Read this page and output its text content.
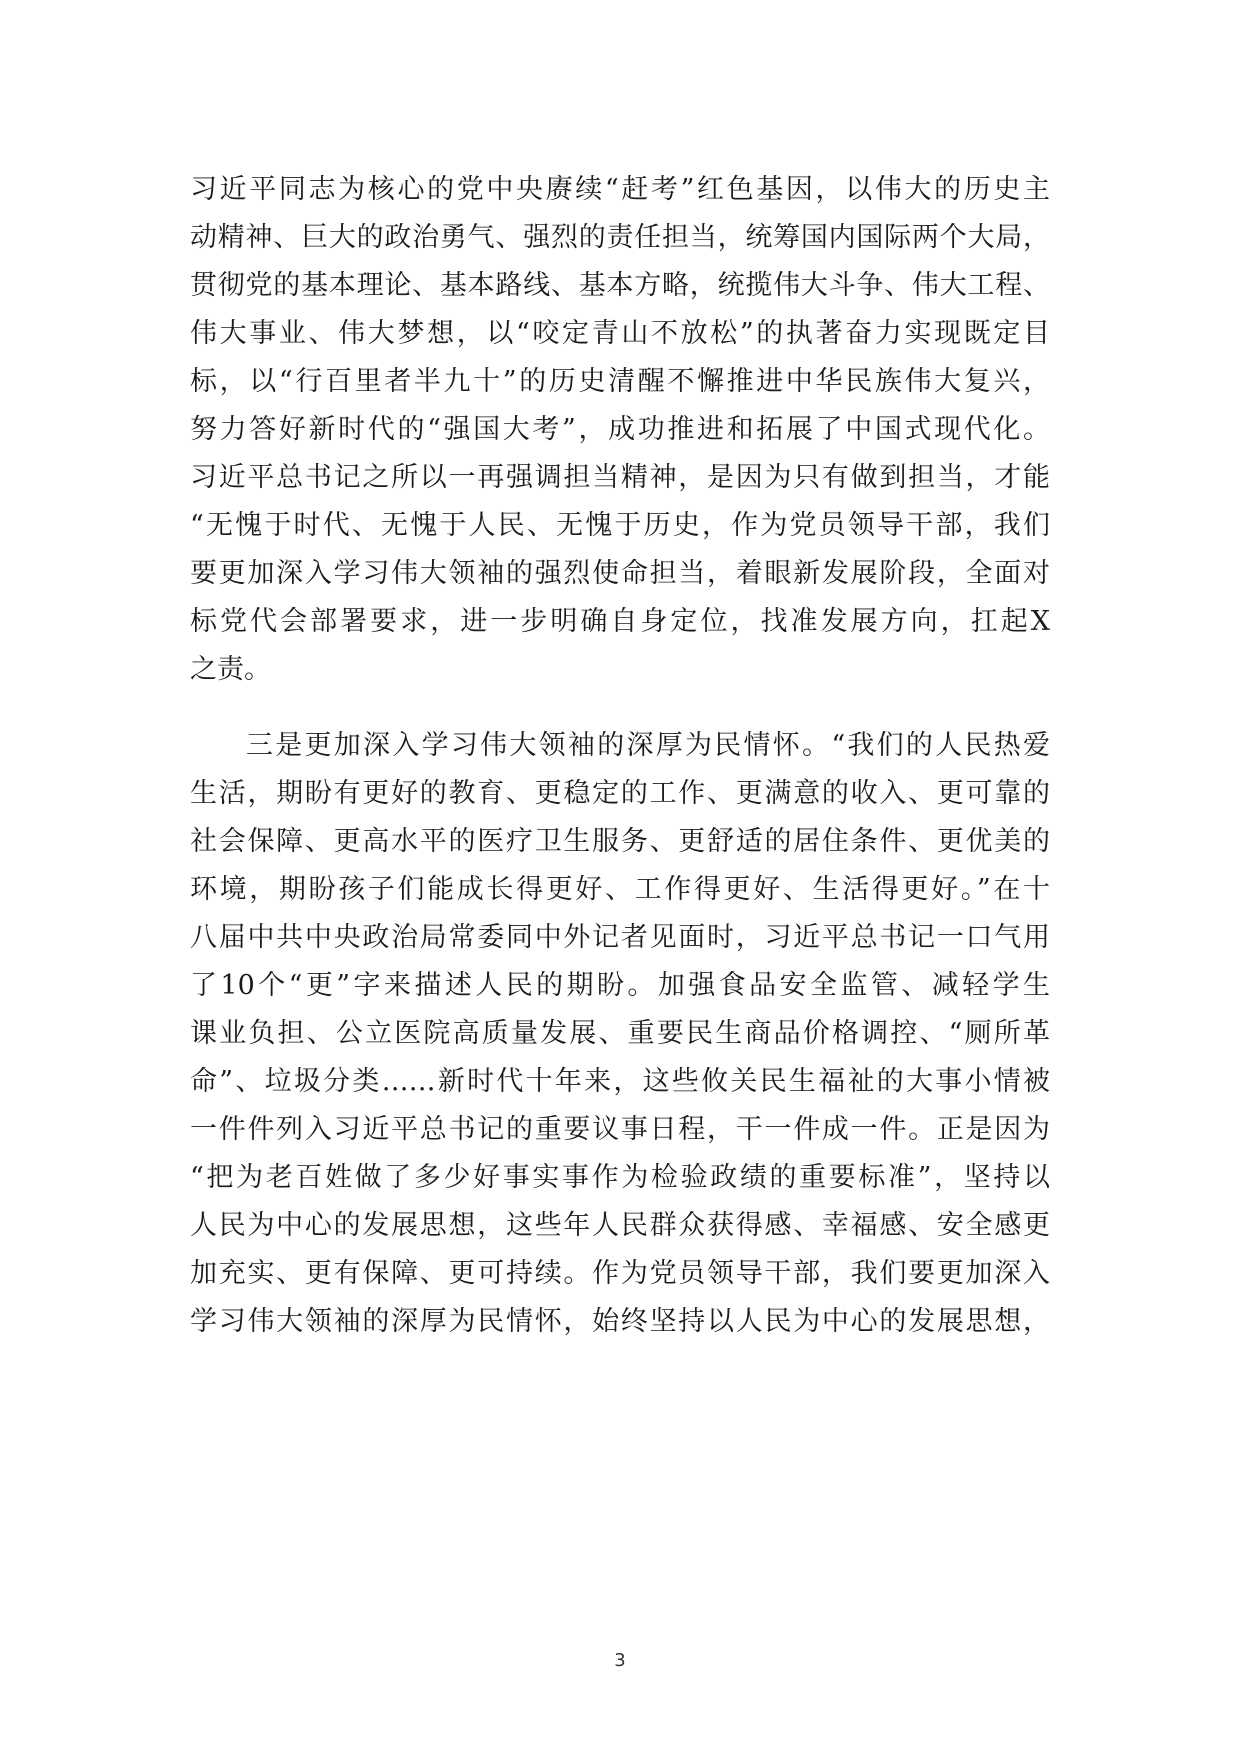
习近平同志为核心的党中央赓续“赶考”红色基因，以伟大的历史主
动精神、巨大的政治勇气、强烈的责任担当，统筹国内国际两个大局，
贯彻党的基本理论、基本路线、基本方略，统揽伟大斗争、伟大工程、
伟大事业、伟大梦想，以“咬定青山不放松”的执著奋力实现既定目
标，以“行百里者半九十”的历史清醒不懈推进中华民族伟大复兴，
努力答好新时代的“强国大考”，成功推进和拓展了中国式现代化。
习近平总书记之所以一再强调担当精神，是因为只有做到担当，才能
“无愧于时代、无愧于人民、无愧于历史，作为党员领导干部，我们
要更加深入学习伟大领袖的强烈使命担当，着眼新发展阶段，全面对
标党代会部署要求，进一步明确自身定位，找准发展方向，扛起X
之责。
三是更加深入学习伟大领袖的深厚为民情怀。“我们的人民热爱
生活，期盼有更好的教育、更稳定的工作、更满意的收入、更可靠的
社会保障、更高水平的医疗卫生服务、更舒适的居住条件、更优美的
环境，期盼孩子们能成长得更好、工作得更好、生活得更好。”在十
八届中共中央政治局常委同中外记者见面时，习近平总书记一口气用
了10个“更”字来描述人民的期盼。加强食品安全监管、减轻学生
课业负担、公立医院高质量发展、重要民生商品价格调控、“厕所革
命”、垃圾分类……新时代十年来，这些攸关民生福祉的大事小情被
一件件列入习近平总书记的重要议事日程，干一件成一件。正是因为
“把为老百姓做了多少好事实事作为检验政绩的重要标准”，坚持以
人民为中心的发展思想，这些年人民群众获得感、幸福感、安全感更
加充实、更有保障、更可持续。作为党员领导干部，我们要更加深入
学习伟大领袖的深厚为民情怀，始终坚持以人民为中心的发展思想，
3
